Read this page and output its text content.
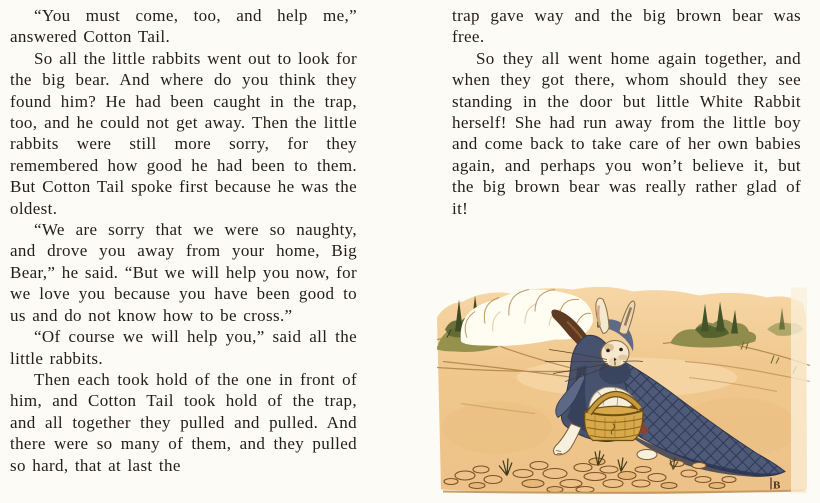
“You must come, too, and help me,” answered Cotton Tail.

So all the little rabbits went out to look for the big bear. And where do you think they found him? He had been caught in the trap, too, and he could not get away. Then the little rabbits were still more sorry, for they remembered how good he had been to them. But Cotton Tail spoke first because he was the oldest.

“We are sorry that we were so naughty, and drove you away from your home, Big Bear,” he said. “But we will help you now, for we love you because you have been good to us and do not know how to be cross.”

“Of course we will help you,” said all the little rabbits.

Then each took hold of the one in front of him, and Cotton Tail took hold of the trap, and all together they pulled and pulled. And there were so many of them, and they pulled so hard, that at last the

trap gave way and the big brown bear was free.

So they all went home again together, and when they got there, whom should they see standing in the door but little White Rabbit herself! She had run away from the little boy and come back to take care of her own babies again, and perhaps you won’t believe it, but the big brown bear was really rather glad of it!

B
